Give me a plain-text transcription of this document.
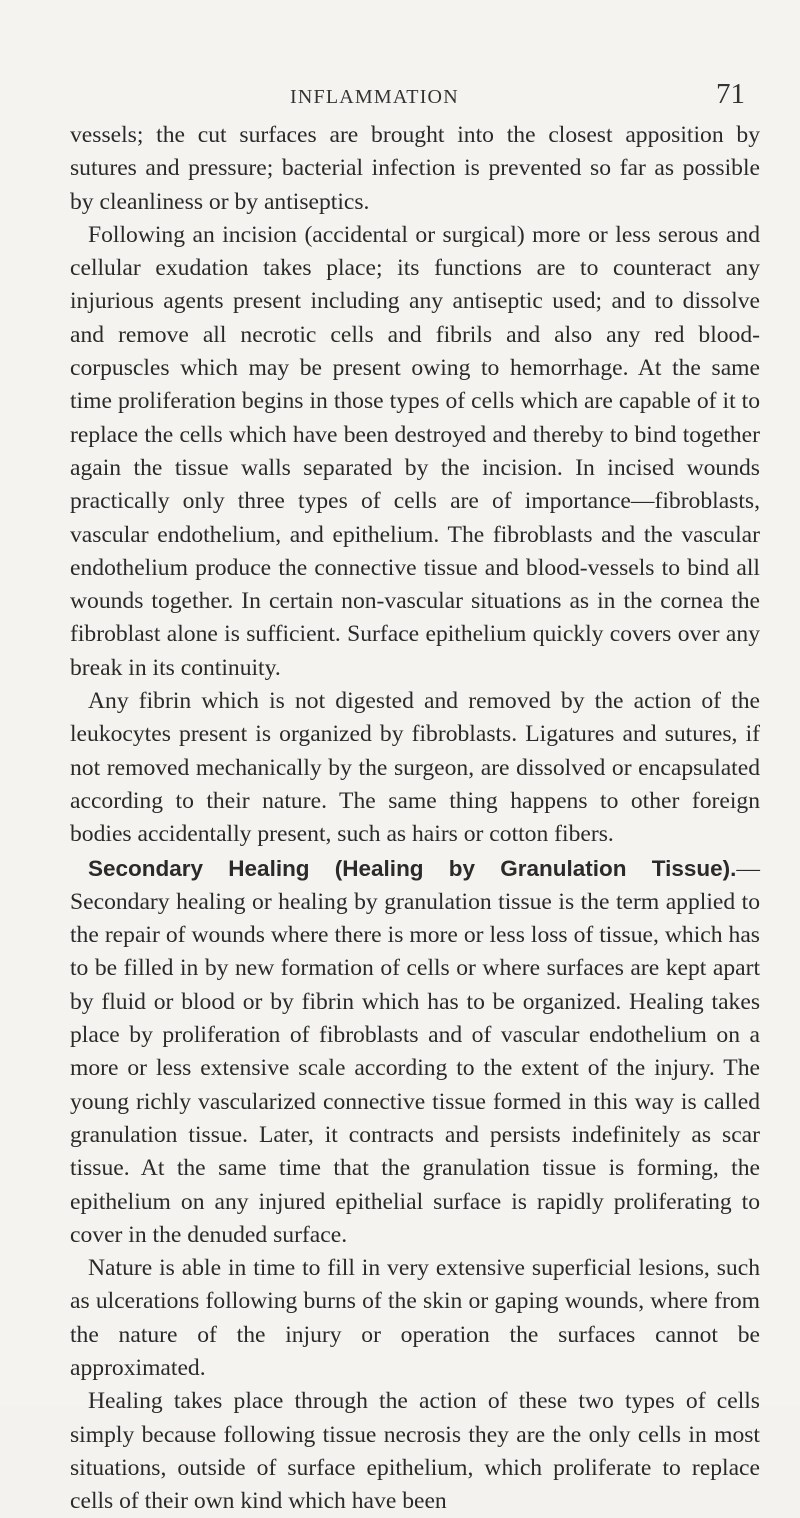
INFLAMMATION	71

vessels; the cut surfaces are brought into the closest apposition by sutures and pressure; bacterial infection is prevented so far as possible by cleanliness or by antiseptics.

Following an incision (accidental or surgical) more or less serous and cellular exudation takes place; its functions are to counteract any injurious agents present including any antiseptic used; and to dissolve and remove all necrotic cells and fibrils and also any red blood-corpuscles which may be present owing to hemorrhage. At the same time proliferation begins in those types of cells which are capable of it to replace the cells which have been destroyed and thereby to bind together again the tissue walls separated by the incision. In incised wounds practically only three types of cells are of importance—fibroblasts, vascular endothelium, and epithelium. The fibroblasts and the vascular endothelium produce the connective tissue and blood-vessels to bind all wounds together. In certain non-vascular situations as in the cornea the fibroblast alone is sufficient. Surface epithelium quickly covers over any break in its continuity.

Any fibrin which is not digested and removed by the action of the leukocytes present is organized by fibroblasts. Ligatures and sutures, if not removed mechanically by the surgeon, are dissolved or encapsulated according to their nature. The same thing happens to other foreign bodies accidentally present, such as hairs or cotton fibers.

Secondary Healing (Healing by Granulation Tissue).—Secondary healing or healing by granulation tissue is the term applied to the repair of wounds where there is more or less loss of tissue, which has to be filled in by new formation of cells or where surfaces are kept apart by fluid or blood or by fibrin which has to be organized. Healing takes place by proliferation of fibroblasts and of vascular endothelium on a more or less extensive scale according to the extent of the injury. The young richly vascularized connective tissue formed in this way is called granulation tissue. Later, it contracts and persists indefinitely as scar tissue. At the same time that the granulation tissue is forming, the epithelium on any injured epithelial surface is rapidly proliferating to cover in the denuded surface.

Nature is able in time to fill in very extensive superficial lesions, such as ulcerations following burns of the skin or gaping wounds, where from the nature of the injury or operation the surfaces cannot be approximated.

Healing takes place through the action of these two types of cells simply because following tissue necrosis they are the only cells in most situations, outside of surface epithelium, which proliferate to replace cells of their own kind which have been
